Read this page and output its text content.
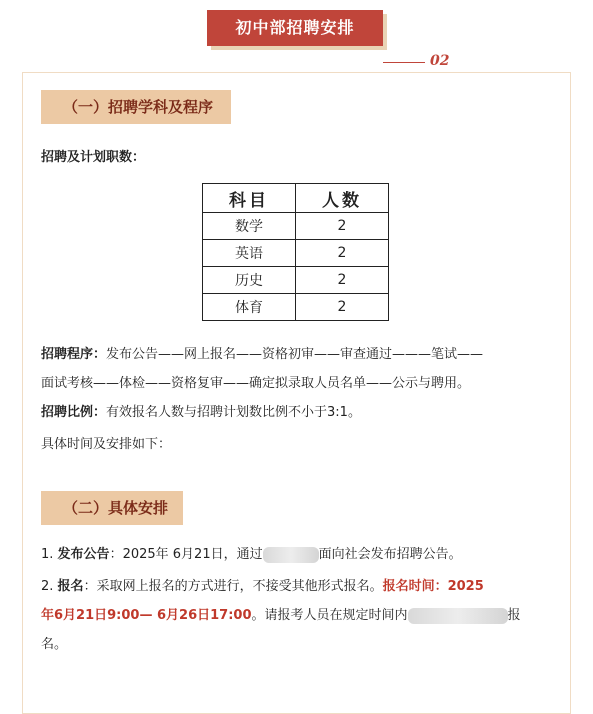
初中部招聘安排
02
（一）招聘学科及程序
招聘及计划职数：
科目	人数
数学	2
英语	2
历史	2
体育	2
招聘程序：发布公告——网上报名——资格初审——审查通过———笔试——
面试考核——体检——资格复审——确定拟录取人员名单——公示与聘用。
招聘比例：有效报名人数与招聘计划数比例不小于3:1。
具体时间及安排如下：
（二）具体安排
1. 发布公告：2025年 6月21日，通过	面向社会发布招聘公告。
2. 报名：采取网上报名的方式进行，不接受其他形式报名。报名时间：2025
年6月21日9:00— 6月26日17:00。请报考人员在规定时间内	报
名。
